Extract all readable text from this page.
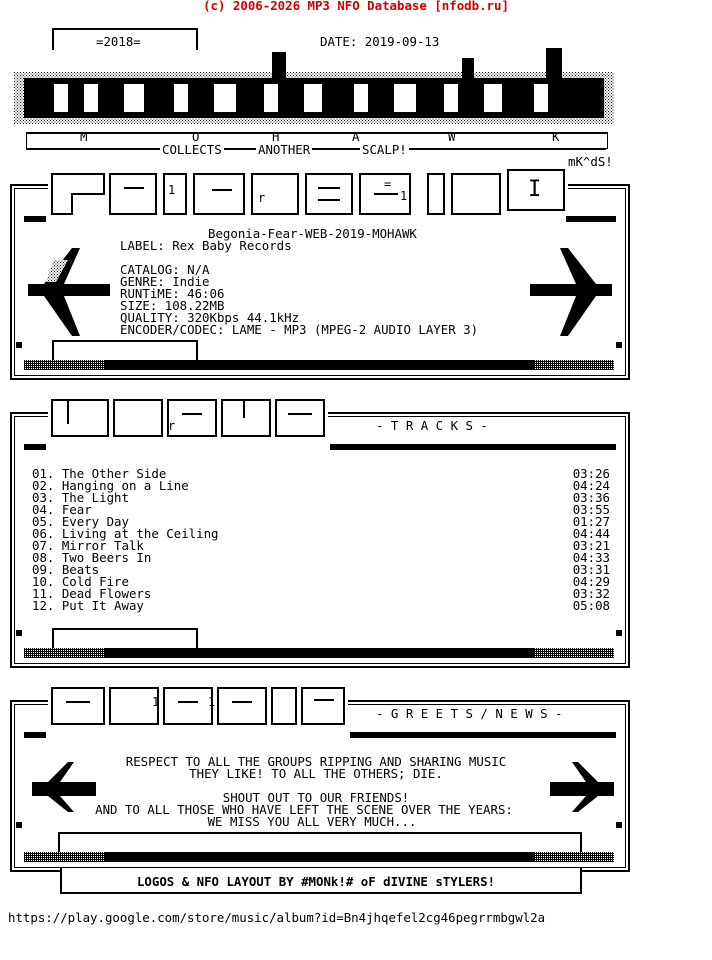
(c) 2006-2026 MP3 NFO Database [nfodb.ru]
=2018=	DATE: 2019-09-13
M	O	H	A	W	K
COLLECTS	ANOTHER	SCALP!
mK^dS!
1
r	1
=	I
Begonia-Fear-WEB-2019-MOHAWK
LABEL: Rex Baby Records
CATALOG: N/A
GENRE: Indie
RUNTiME: 46:06
SIZE: 108.22MB
QUALITY: 320Kbps 44.1kHz
ENCODER/CODEC: LAME - MP3 (MPEG-2 AUDIO LAYER 3)
r	- T R A C K S -
01. The Other Side	03:26
02. Hanging on a Line	04:24
03. The Light	03:36
04. Fear	03:55
05. Every Day	01:27
06. Living at the Ceiling	04:44
07. Mirror Talk	03:21
08. Two Beers In	04:33
09. Beats	03:31
10. Cold Fire	04:29
11. Dead Flowers	03:32
12. Put It Away	05:08
1	1
- G R E E T S / N E W S -
RESPECT TO ALL THE GROUPS RIPPING AND SHARING MUSIC
THEY LIKE! TO ALL THE OTHERS; DIE.
SHOUT OUT TO OUR FRIENDS!
AND TO ALL THOSE WHO HAVE LEFT THE SCENE OVER THE YEARS:
WE MISS YOU ALL VERY MUCH...
LOGOS & NFO LAYOUT BY #MONk!# oF dIVINE sTYLERS!
https://play.google.com/store/music/album?id=Bn4jhqefel2cg46pegrrmbgwl2a
